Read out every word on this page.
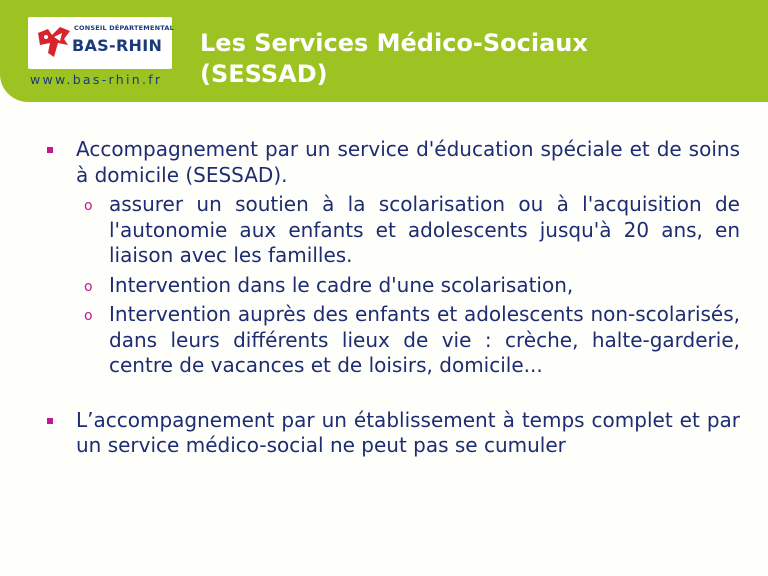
CONSEIL DÉPARTEMENTAL
BAS-RHIN
www.bas-rhin.fr
Les Services Médico-Sociaux
(SESSAD)
Accompagnement par un service d'éducation spéciale et de soins à domicile (SESSAD).
o assurer un soutien à la scolarisation ou à l'acquisition de l'autonomie aux enfants et adolescents jusqu'à 20 ans, en liaison avec les familles.
o Intervention dans le cadre d'une scolarisation,
o Intervention auprès des enfants et adolescents non-scolarisés, dans leurs différents lieux de vie : crèche, halte-garderie, centre de vacances et de loisirs, domicile...
L’accompagnement par un établissement à temps complet et par un service médico-social ne peut pas se cumuler
